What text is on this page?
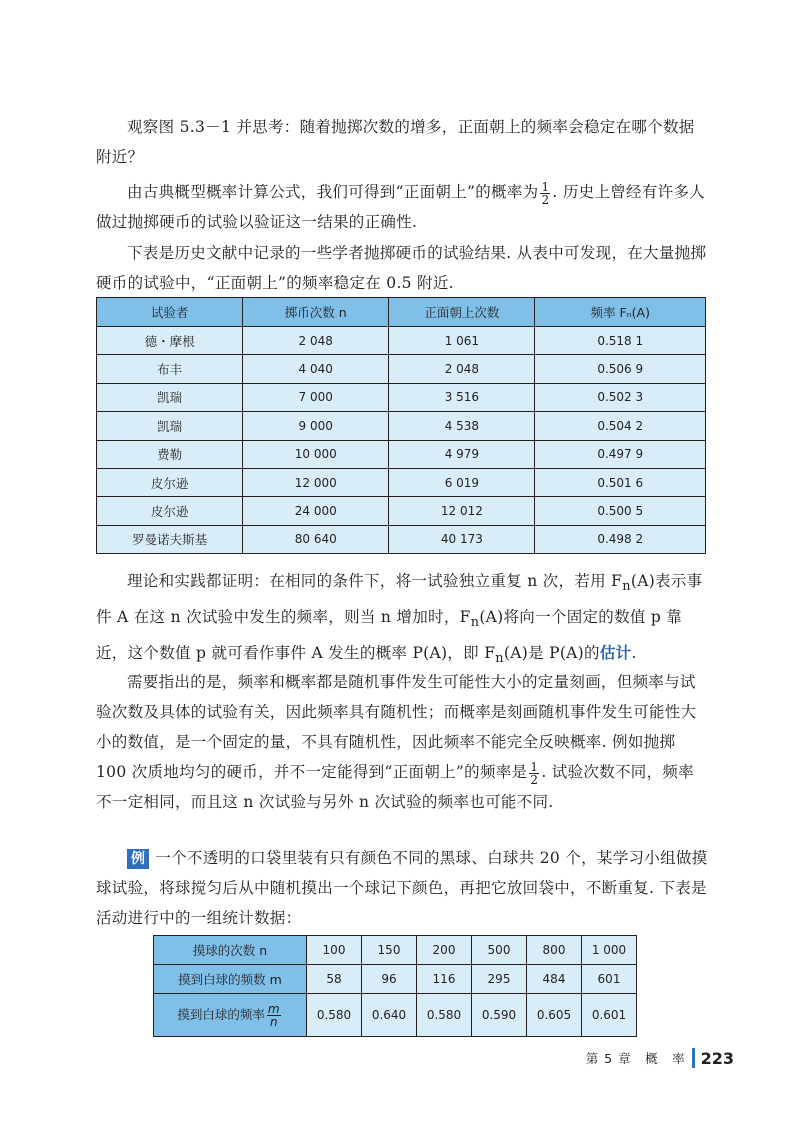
观察图 5.3－1 并思考：随着抛掷次数的增多，正面朝上的频率会稳定在哪个数据附近？

由古典概型概率计算公式，我们可得到“正面朝上”的概率为 $\frac{1}{2}$ . 历史上曾经有许多人做过抛掷硬币的试验以验证这一结果的正确性.

下表是历史文献中记录的一些学者抛掷硬币的试验结果. 从表中可发现，在大量抛掷硬币的试验中，“正面朝上”的频率稳定在 0.5 附近.

试验者	掷币次数 n	正面朝上次数	频率 Fₙ(A)
德・摩根	2 048	1 061	0.518 1
布丰	4 040	2 048	0.506 9
凯瑞	7 000	3 516	0.502 3
凯瑞	9 000	4 538	0.504 2
费勒	10 000	4 979	0.497 9
皮尔逊	12 000	6 019	0.501 6
皮尔逊	24 000	12 012	0.500 5
罗曼诺夫斯基	80 640	40 173	0.498 2

理论和实践都证明：在相同的条件下，将一试验独立重复 n 次，若用 $F_n(A)$表示事件 A 在这 n 次试验中发生的频率，则当 n 增加时，$F_n(A)$将向一个固定的数值 p 靠近，这个数值 p 就可看作事件 A 发生的概率 P(A)，即 $F_n(A)$是 P(A)的估计.

需要指出的是，频率和概率都是随机事件发生可能性大小的定量刻画，但频率与试验次数及具体的试验有关，因此频率具有随机性；而概率是刻画随机事件发生可能性大小的数值，是一个固定的量，不具有随机性，因此频率不能完全反映概率. 例如抛掷 100 次质地均匀的硬币，并不一定能得到“正面朝上”的频率是 $\frac{1}{2}$ . 试验次数不同，频率不一定相同，而且这 n 次试验与另外 n 次试验的频率也可能不同.

例 一个不透明的口袋里装有只有颜色不同的黑球、白球共 20 个，某学习小组做摸球试验，将球搅匀后从中随机摸出一个球记下颜色，再把它放回袋中，不断重复. 下表是活动进行中的一组统计数据：

摸球的次数 n	100	150	200	500	800	1 000
摸到白球的频数 m	58	96	116	295	484	601
摸到白球的频率 $\frac{m}{n}$	0.580	0.640	0.580	0.590	0.605	0.601
第 5 章　概　率 223
